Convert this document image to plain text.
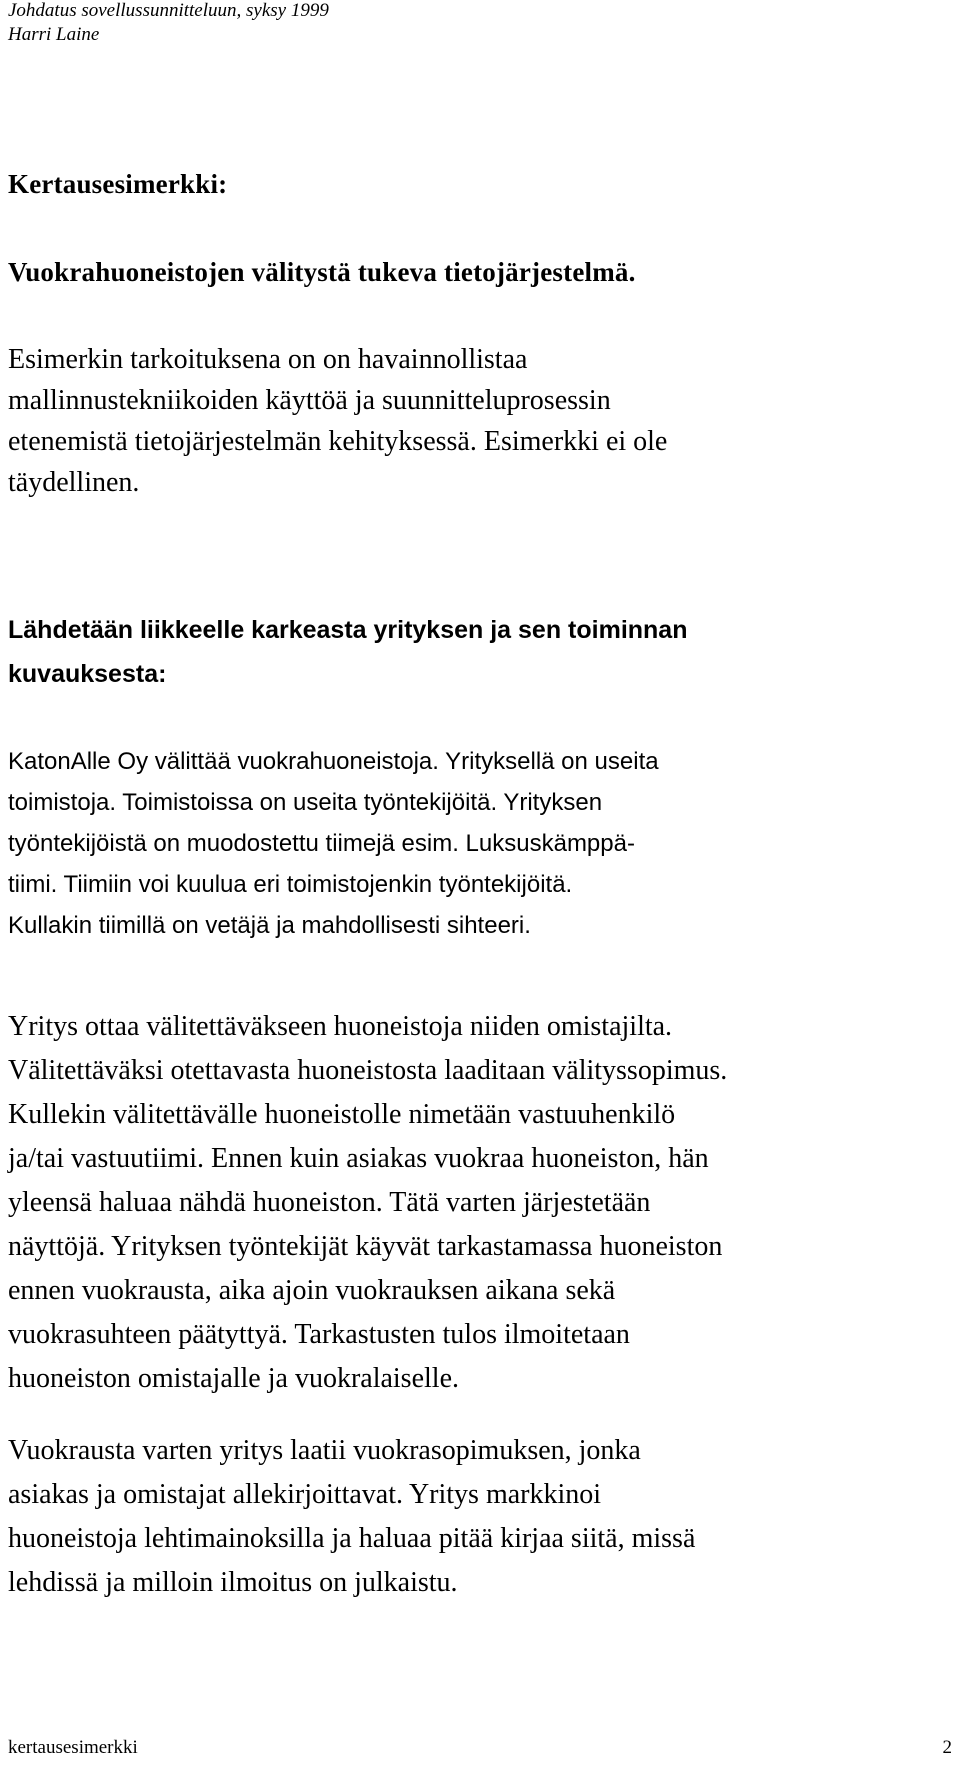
Johdatus sovellussunnitteluun, syksy 1999
Harri Laine
Kertausesimerkki:
Vuokrahuoneistojen välitystä tukeva tietojärjestelmä.
Esimerkin tarkoituksena on on havainnollistaa
mallinnustekniikoiden käyttöä ja suunnitteluprosessin
etenemistä tietojärjestelmän kehityksessä. Esimerkki ei ole
täydellinen.
Lähdetään liikkeelle karkeasta yrityksen ja sen toiminnan
kuvauksesta:
KatonAlle Oy välittää vuokrahuoneistoja. Yrityksellä on useita
toimistoja. Toimistoissa on useita työntekijöitä. Yrityksen
työntekijöistä on muodostettu tiimejä esim. Luksuskämppä-
tiimi. Tiimiin voi kuulua eri toimistojenkin työntekijöitä.
Kullakin tiimillä on vetäjä ja mahdollisesti sihteeri.
Yritys ottaa välitettäväkseen huoneistoja niiden omistajilta.
Välitettäväksi otettavasta huoneistosta laaditaan välityssopimus.
Kullekin välitettävälle huoneistolle nimetään vastuuhenkilö
ja/tai vastuutiimi. Ennen kuin asiakas vuokraa huoneiston, hän
yleensä haluaa nähdä huoneiston. Tätä varten järjestetään
näyttöjä. Yrityksen työntekijät käyvät tarkastamassa huoneiston
ennen vuokrausta, aika ajoin vuokrauksen aikana sekä
vuokrasuhteen päätyttyä. Tarkastusten tulos ilmoitetaan
huoneiston omistajalle ja vuokralaiselle.
Vuokrausta varten yritys laatii vuokrasopimuksen, jonka
asiakas ja omistajat allekirjoittavat. Yritys markkinoi
huoneistoja lehtimainoksilla ja haluaa pitää kirjaa siitä, missä
lehdissä ja milloin ilmoitus on julkaistu.
kertausesimerkki	2
